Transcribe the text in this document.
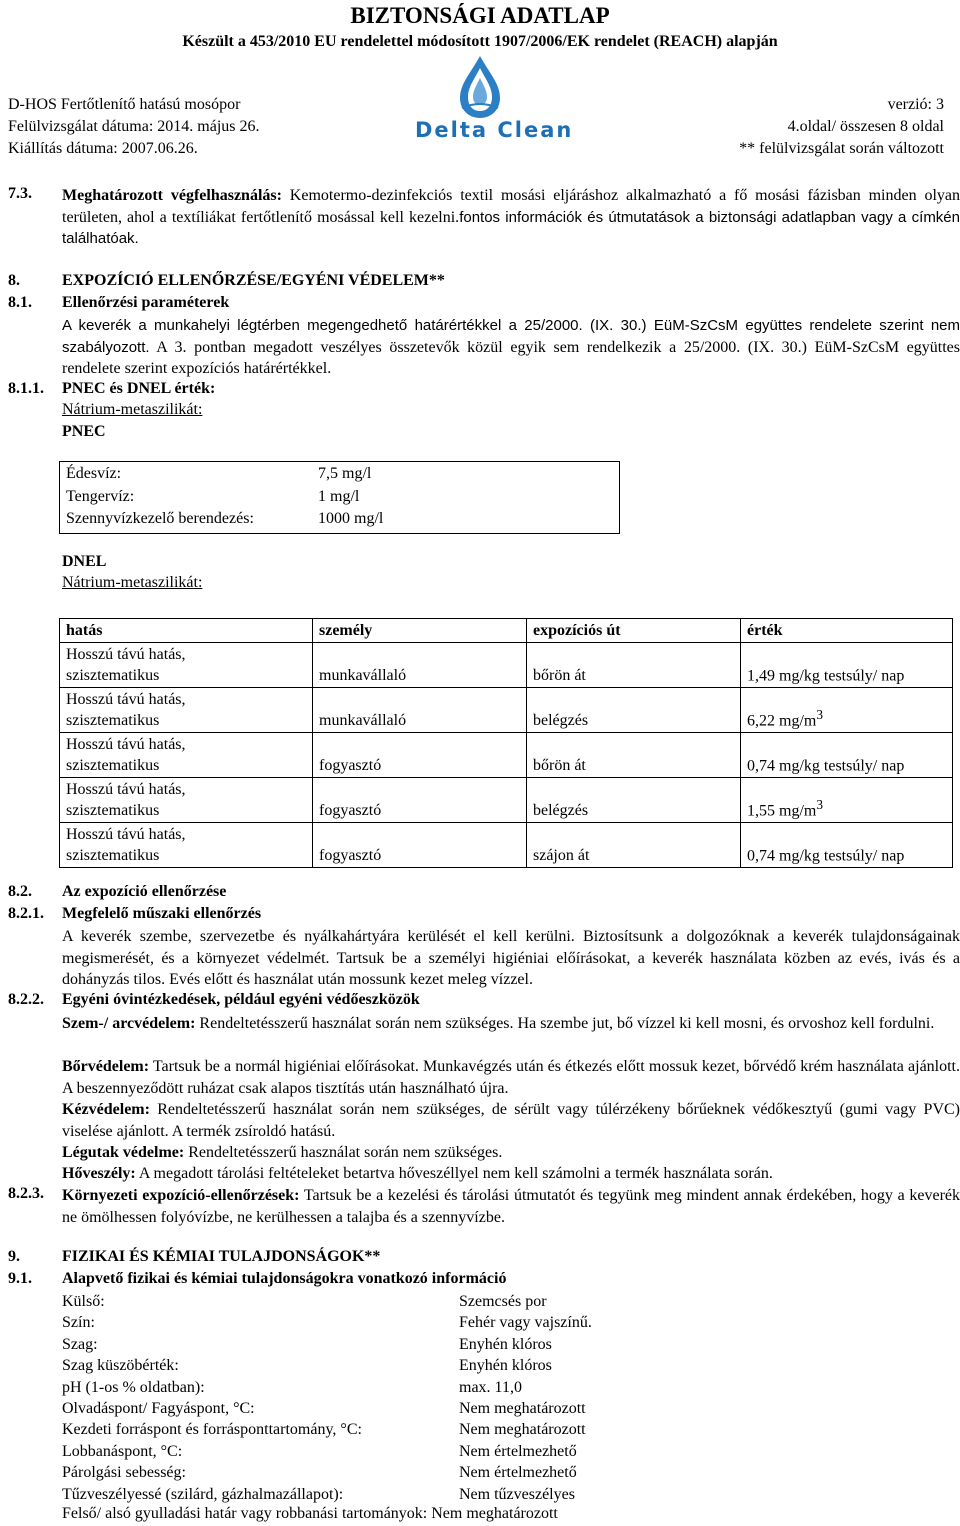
BIZTONSÁGI ADATLAP
Készült a 453/2010 EU rendelettel módosított 1907/2006/EK rendelet (REACH) alapján
D-HOS Fertőtlenítő hatású mosópor
Felülvizsgálat dátuma: 2014. május 26.
Kiállítás dátuma: 2007.06.26.
verzió: 3
4.oldal/ összesen 8 oldal
** felülvizsgálat során változott
Delta Clean
7.3. Meghatározott végfelhasználás: Kemotermo-dezinfekciós textil mosási eljáráshoz alkalmazható a fő mosási fázisban minden olyan területen, ahol a textíliákat fertőtlenítő mosással kell kezelni.fontos információk és útmutatások a biztonsági adatlapban vagy a címkén találhatóak.
8.	EXPOZÍCIÓ ELLENŐRZÉSE/EGYÉNI VÉDELEM**
8.1. Ellenőrzési paraméterek
A keverék a munkahelyi légtérben megengedhető határértékkel a 25/2000. (IX. 30.) EüM-SzCsM együttes rendelete szerint nem szabályozott. A 3. pontban megadott veszélyes összetevők közül egyik sem rendelkezik a 25/2000. (IX. 30.) EüM-SzCsM együttes rendelete szerint expozíciós határértékkel.
8.1.1. PNEC és DNEL érték:
Nátrium-metaszilikát:
PNEC
Édesvíz:	7,5 mg/l
Tengervíz:	1 mg/l
Szennyvízkezelő berendezés:	1000 mg/l
DNEL
Nátrium-metaszilikát:
hatás	személy	expozíciós út	érték
Hosszú távú hatás,
szisztematikus	munkavállaló	bőrön át	1,49 mg/kg testsúly/ nap
Hosszú távú hatás,
szisztematikus	munkavállaló	belégzés	6,22 $mg/m^3$
Hosszú távú hatás,
szisztematikus	fogyasztó	bőrön át	0,74 mg/kg testsúly/ nap
Hosszú távú hatás,
szisztematikus	fogyasztó	belégzés	1,55 $mg/m^3$
Hosszú távú hatás,
szisztematikus	fogyasztó	szájon át	0,74 mg/kg testsúly/ nap
8.2. Az expozíció ellenőrzése
8.2.1. Megfelelő műszaki ellenőrzés
A keverék szembe, szervezetbe és nyálkahártyára kerülését el kell kerülni. Biztosítsunk a dolgozóknak a keverék tulajdonságainak megismerését, és a környezet védelmét. Tartsuk be a személyi higiéniai előírásokat, a keverék használata közben az evés, ivás és a dohányzás tilos. Evés előtt és használat után mossunk kezet meleg vízzel.
8.2.2. Egyéni óvintézkedések, például egyéni védőeszközök
Szem-/ arcvédelem: Rendeltetésszerű használat során nem szükséges. Ha szembe jut, bő vízzel ki kell mosni, és orvoshoz kell fordulni.
Bőrvédelem: Tartsuk be a normál higiéniai előírásokat. Munkavégzés után és étkezés előtt mossuk kezet, bőrvédő krém használata ajánlott. A beszennyeződött ruházat csak alapos tisztítás után használható újra.
Kézvédelem: Rendeltetésszerű használat során nem szükséges, de sérült vagy túlérzékeny bőrűeknek védőkesztyű (gumi vagy PVC) viselése ajánlott. A termék zsíroldó hatású.
Légutak védelme: Rendeltetésszerű használat során nem szükséges.
Hőveszély: A megadott tárolási feltételeket betartva hőveszéllyel nem kell számolni a termék használata során.
8.2.3. Környezeti expozíció-ellenőrzések: Tartsuk be a kezelési és tárolási útmutatót és tegyünk meg mindent annak érdekében, hogy a keverék ne ömölhessen folyóvízbe, ne kerülhessen a talajba és a szennyvízbe.
9.	FIZIKAI ÉS KÉMIAI TULAJDONSÁGOK**
9.1. Alapvető fizikai és kémiai tulajdonságokra vonatkozó információ
Külső:	Szemcsés por
Szín:	Fehér vagy vajszínű.
Szag:	Enyhén klóros
Szag küszöbérték:	Enyhén klóros
pH (1-os % oldatban):	max. 11,0
Olvadáspont/ Fagyáspont, °C:	Nem meghatározott
Kezdeti forráspont és forrásponttartomány, °C:	Nem meghatározott
Lobbanáspont, °C:	Nem értelmezhető
Párolgási sebesség:	Nem értelmezhető
Tűzveszélyessé (szilárd, gázhalmazállapot):	Nem tűzveszélyes
Felső/ alsó gyulladási határ vagy robbanási tartományok: Nem meghatározott
